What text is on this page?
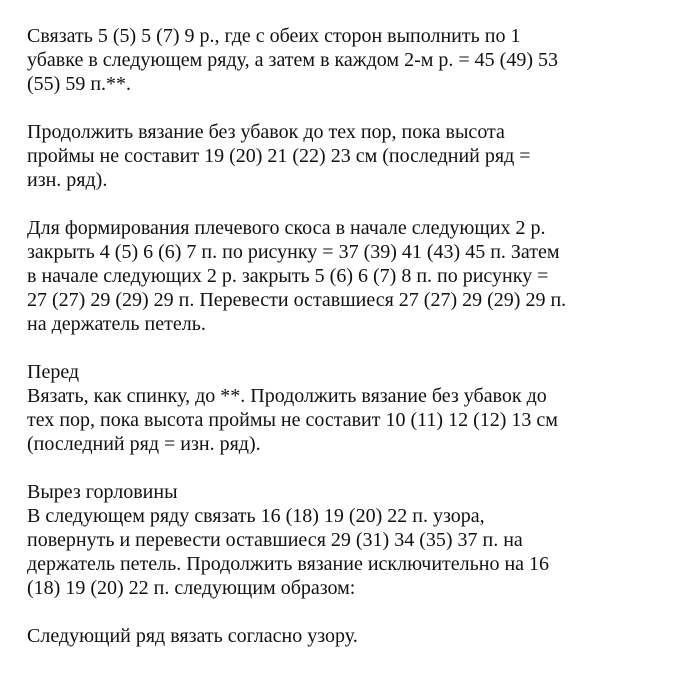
Связать 5 (5) 5 (7) 9 р., где с обеих сторон выполнить по 1
убавке в следующем ряду, а затем в каждом 2-м р. = 45 (49) 53
(55) 59 п.**.

Продолжить вязание без убавок до тех пор, пока высота
проймы не составит 19 (20) 21 (22) 23 см (последний ряд =
изн. ряд).

Для формирования плечевого скоса в начале следующих 2 р.
закрыть 4 (5) 6 (6) 7 п. по рисунку = 37 (39) 41 (43) 45 п. Затем
в начале следующих 2 р. закрыть 5 (6) 6 (7) 8 п. по рисунку =
27 (27) 29 (29) 29 п. Перевести оставшиеся 27 (27) 29 (29) 29 п.
на держатель петель.

Перед
Вязать, как спинку, до **. Продолжить вязание без убавок до
тех пор, пока высота проймы не составит 10 (11) 12 (12) 13 см
(последний ряд = изн. ряд).

Вырез горловины
В следующем ряду связать 16 (18) 19 (20) 22 п. узора,
повернуть и перевести оставшиеся 29 (31) 34 (35) 37 п. на
держатель петель. Продолжить вязание исключительно на 16
(18) 19 (20) 22 п. следующим образом:

Следующий ряд вязать согласно узору.
